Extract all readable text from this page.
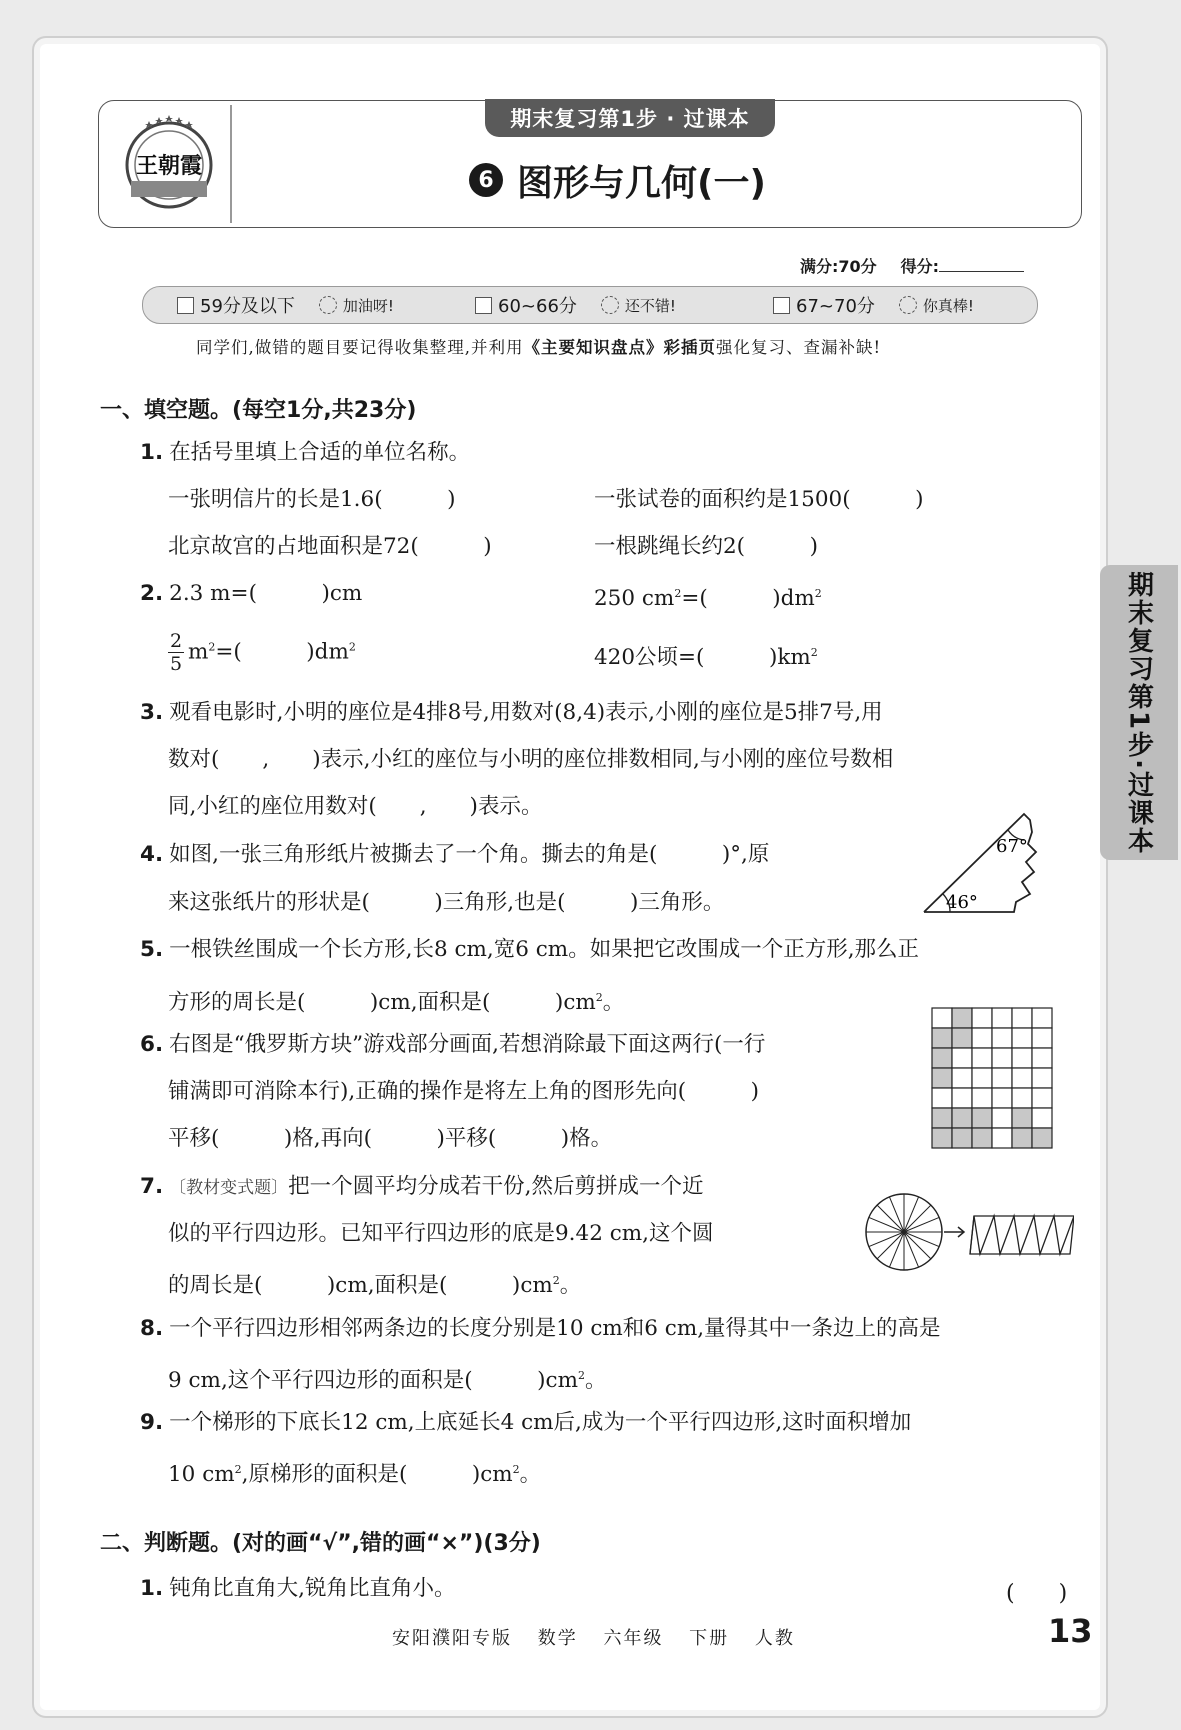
王朝霞
期末复习第1步 · 过课本
6 图形与几何(一)
满分:70分 得分:
59分及以下	加油呀!	60~66分	还不错!	67~70分	你真棒!
同学们,做错的题目要记得收集整理,并利用《主要知识盘点》彩插页强化复习、查漏补缺!
一、填空题。(每空1分,共23分)
1. 在括号里填上合适的单位名称。
一张明信片的长是1.6(　　　)	一张试卷的面积约是1500(　　　)
北京故宫的占地面积是72(　　　)	一根跳绳长约2(　　　)
2. 2.3 m=(　　　)cm	250 $cm^2=$(　　　)$dm^2$
$\frac{2}{5} m^2=$(　　　)$dm^2$	420公顷=(　　　)$km^2$
3. 观看电影时,小明的座位是4排8号,用数对(8,4)表示,小刚的座位是5排7号,用
数对(　　,　　)表示,小红的座位与小明的座位排数相同,与小刚的座位号数相
同,小红的座位用数对(　　,　　)表示。
4. 如图,一张三角形纸片被撕去了一个角。撕去的角是(　　　)°,原
来这张纸片的形状是(　　　)三角形,也是(　　　)三角形。
67°
46°
5. 一根铁丝围成一个长方形,长8 cm,宽6 cm。如果把它改围成一个正方形,那么正
方形的周长是(　　　)cm,面积是(　　　)$cm^2$。
6. 右图是“俄罗斯方块”游戏部分画面,若想消除最下面这两行(一行
铺满即可消除本行),正确的操作是将左上角的图形先向(　　　)
平移(　　　)格,再向(　　　)平移(　　　)格。
7. 〔教材变式题〕把一个圆平均分成若干份,然后剪拼成一个近
似的平行四边形。已知平行四边形的底是9.42 cm,这个圆
的周长是(　　　)cm,面积是(　　　)$cm^2$。
8. 一个平行四边形相邻两条边的长度分别是10 cm和6 cm,量得其中一条边上的高是
9 cm,这个平行四边形的面积是(　　　)$cm^2$。
9. 一个梯形的下底长12 cm,上底延长4 cm后,成为一个平行四边形,这时面积增加
10 $cm^2$,原梯形的面积是(　　　)$cm^2$。
二、判断题。(对的画“√”,错的画“×”)(3分)
1. 钝角比直角大,锐角比直角小。	(　　)
期末复习第1步·过课本
安阳濮阳专版 数学 六年级 下册 人教	13
